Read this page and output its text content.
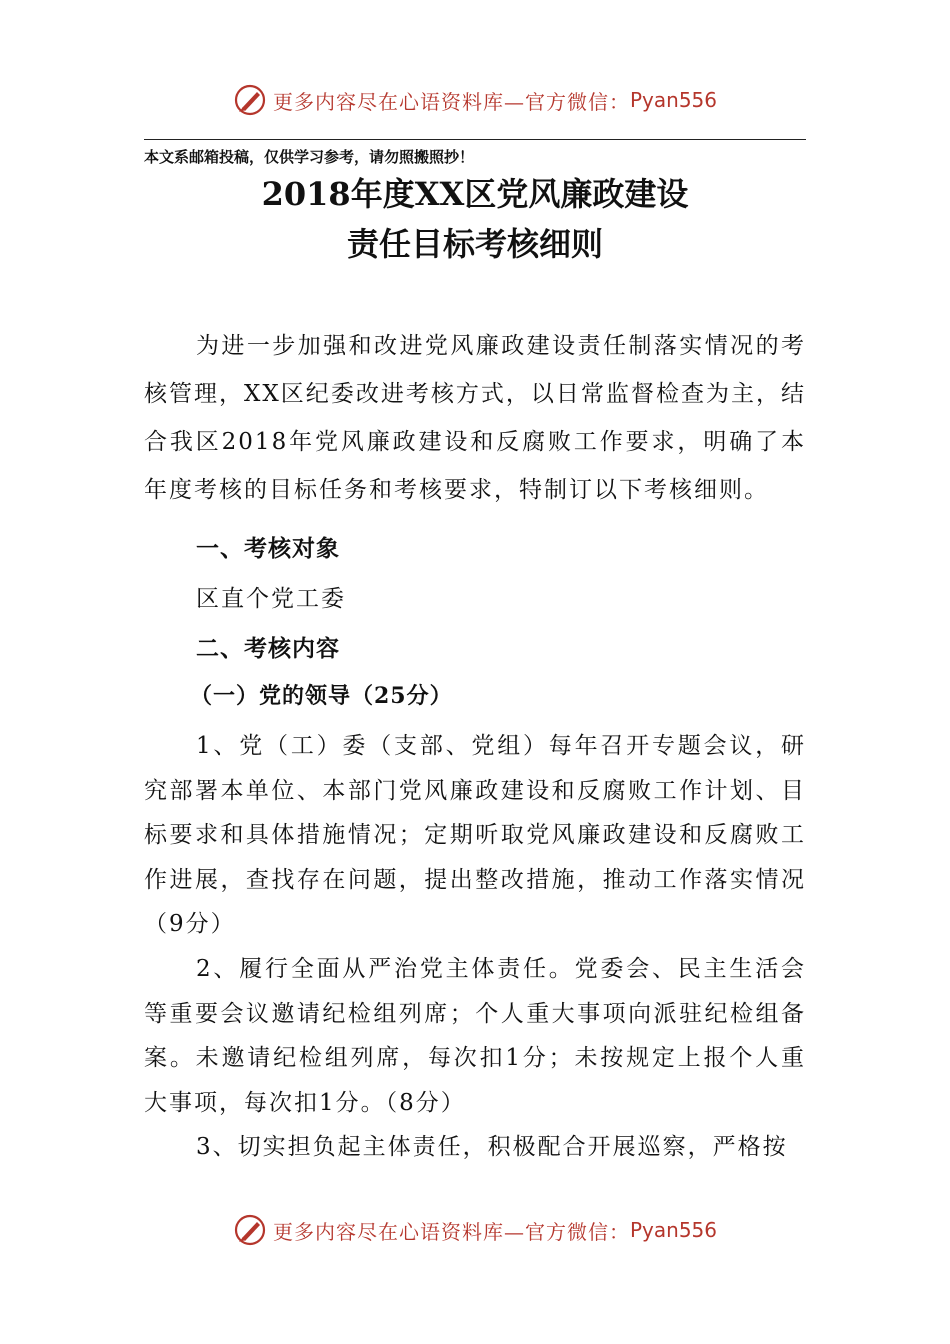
更多内容尽在心语资料库—官方微信： Pyan556
本文系邮箱投稿，仅供学习参考，请勿照搬照抄！
2018年度XX区党风廉政建设
责任目标考核细则
为进一步加强和改进党风廉政建设责任制落实情况的考核管理，XX区纪委改进考核方式，以日常监督检查为主，结合我区2018年党风廉政建设和反腐败工作要求，明确了本年度考核的目标任务和考核要求，特制订以下考核细则。
一、考核对象
区直个党工委
二、考核内容
（一）党的领导（25分）
1、党（工）委（支部、党组）每年召开专题会议，研究部署本单位、本部门党风廉政建设和反腐败工作计划、目标要求和具体措施情况；定期听取党风廉政建设和反腐败工作进展，查找存在问题，提出整改措施，推动工作落实情况（9分）
2、履行全面从严治党主体责任。党委会、民主生活会等重要会议邀请纪检组列席；个人重大事项向派驻纪检组备案。未邀请纪检组列席，每次扣1分；未按规定上报个人重大事项，每次扣1分。（8分）
3、切实担负起主体责任，积极配合开展巡察，严格按
更多内容尽在心语资料库—官方微信： Pyan556
